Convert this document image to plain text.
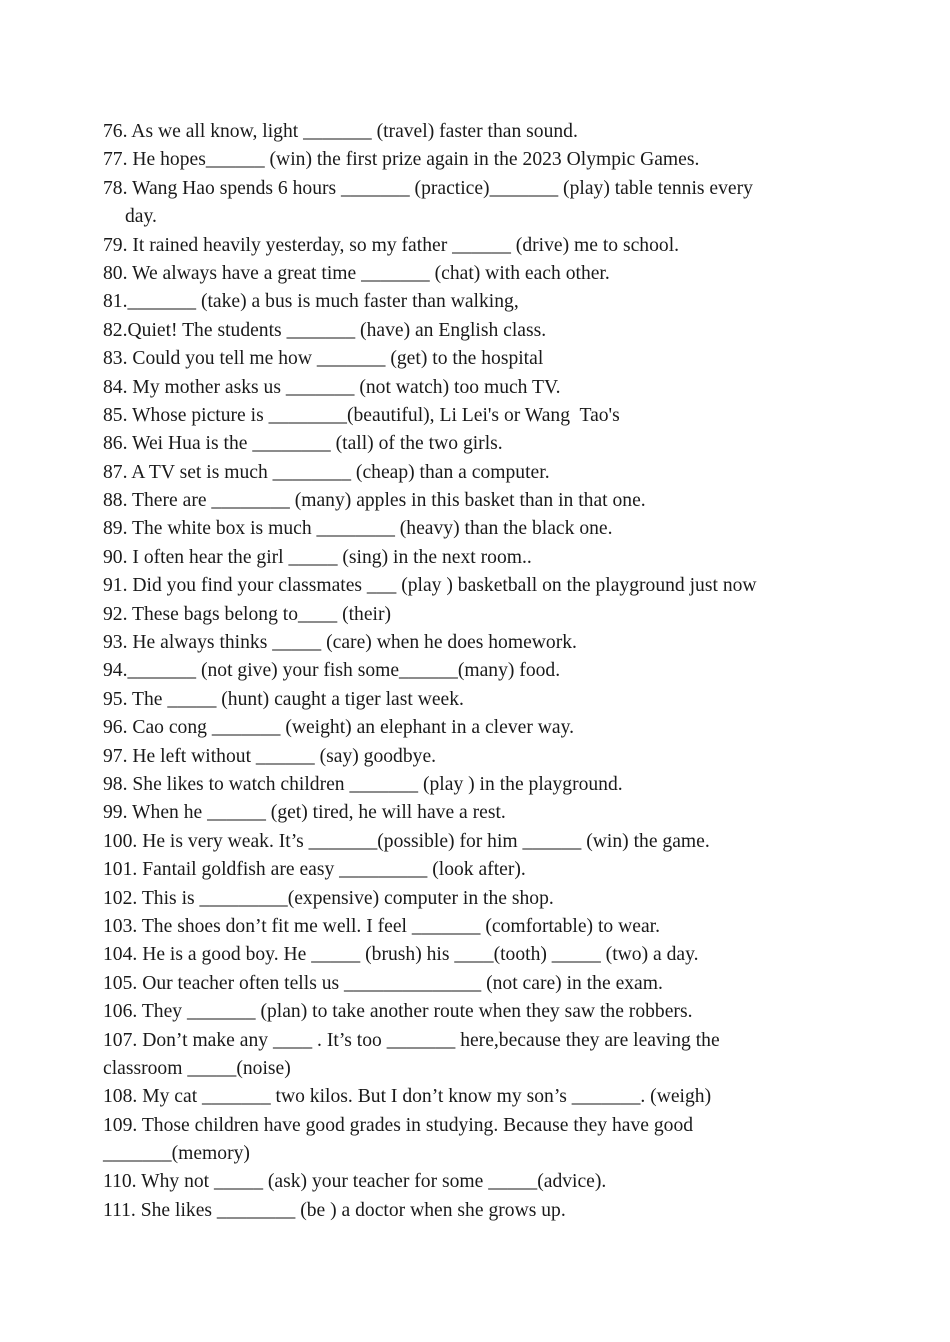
76. As we all know, light _______ (travel) faster than sound.
77. He hopes______ (win) the first prize again in the 2023 Olympic Games.
78. Wang Hao spends 6 hours _______ (practice)_______ (play) table tennis every
day.
79. It rained heavily yesterday, so my father ______ (drive) me to school.
80. We always have a great time _______ (chat) with each other.
81._______ (take) a bus is much faster than walking,
82.Quiet! The students _______ (have) an English class.
83. Could you tell me how _______ (get) to the hospital
84. My mother asks us _______ (not watch) too much TV.
85. Whose picture is ________(beautiful), Li Lei's or Wang  Tao's
86. Wei Hua is the ________ (tall) of the two girls.
87. A TV set is much ________ (cheap) than a computer.
88. There are ________ (many) apples in this basket than in that one.
89. The white box is much ________ (heavy) than the black one.
90. I often hear the girl _____ (sing) in the next room..
91. Did you find your classmates ___ (play ) basketball on the playground just now
92. These bags belong to____ (their)
93. He always thinks _____ (care) when he does homework.
94._______ (not give) your fish some______(many) food.
95. The _____ (hunt) caught a tiger last week.
96. Cao cong _______ (weight) an elephant in a clever way.
97. He left without ______ (say) goodbye.
98. She likes to watch children _______ (play ) in the playground.
99. When he ______ (get) tired, he will have a rest.
100. He is very weak. It’s _______(possible) for him ______ (win) the game.
101. Fantail goldfish are easy _________ (look after).
102. This is _________(expensive) computer in the shop.
103. The shoes don’t fit me well. I feel _______ (comfortable) to wear.
104. He is a good boy. He _____ (brush) his ____(tooth) _____ (two) a day.
105. Our teacher often tells us ______________ (not care) in the exam.
106. They _______ (plan) to take another route when they saw the robbers.
107. Don’t make any ____ . It’s too _______ here,because they are leaving the
classroom _____(noise)
108. My cat _______ two kilos. But I don’t know my son’s _______. (weigh)
109. Those children have good grades in studying. Because they have good
_______(memory)
110. Why not _____ (ask) your teacher for some _____(advice).
111. She likes ________ (be ) a doctor when she grows up.
